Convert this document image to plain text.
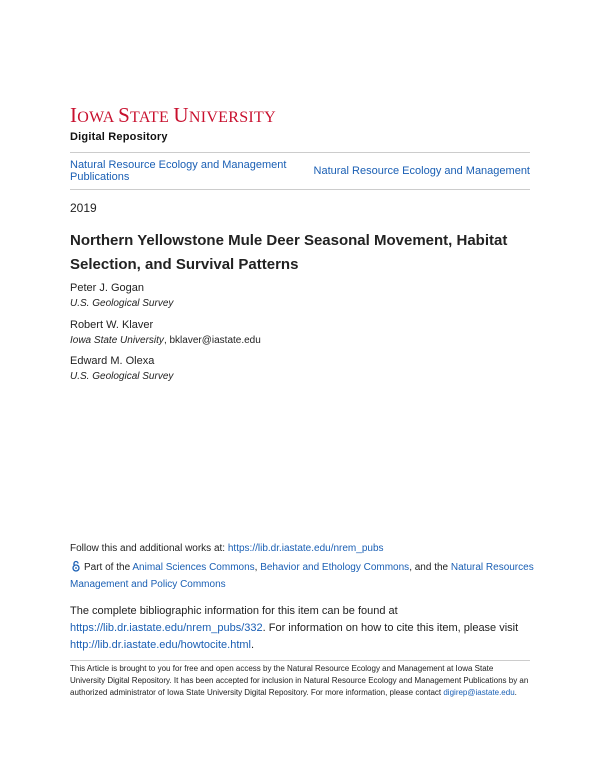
IOWA STATE UNIVERSITY
Digital Repository
Natural Resource Ecology and Management Publications	Natural Resource Ecology and Management
2019
Northern Yellowstone Mule Deer Seasonal Movement, Habitat Selection, and Survival Patterns
Peter J. Gogan
U.S. Geological Survey
Robert W. Klaver
Iowa State University, bklaver@iastate.edu
Edward M. Olexa
U.S. Geological Survey
Follow this and additional works at: https://lib.dr.iastate.edu/nrem_pubs
Part of the Animal Sciences Commons, Behavior and Ethology Commons, and the Natural Resources Management and Policy Commons
The complete bibliographic information for this item can be found at https://lib.dr.iastate.edu/nrem_pubs/332. For information on how to cite this item, please visit http://lib.dr.iastate.edu/howtocite.html.
This Article is brought to you for free and open access by the Natural Resource Ecology and Management at Iowa State University Digital Repository. It has been accepted for inclusion in Natural Resource Ecology and Management Publications by an authorized administrator of Iowa State University Digital Repository. For more information, please contact digirep@iastate.edu.
